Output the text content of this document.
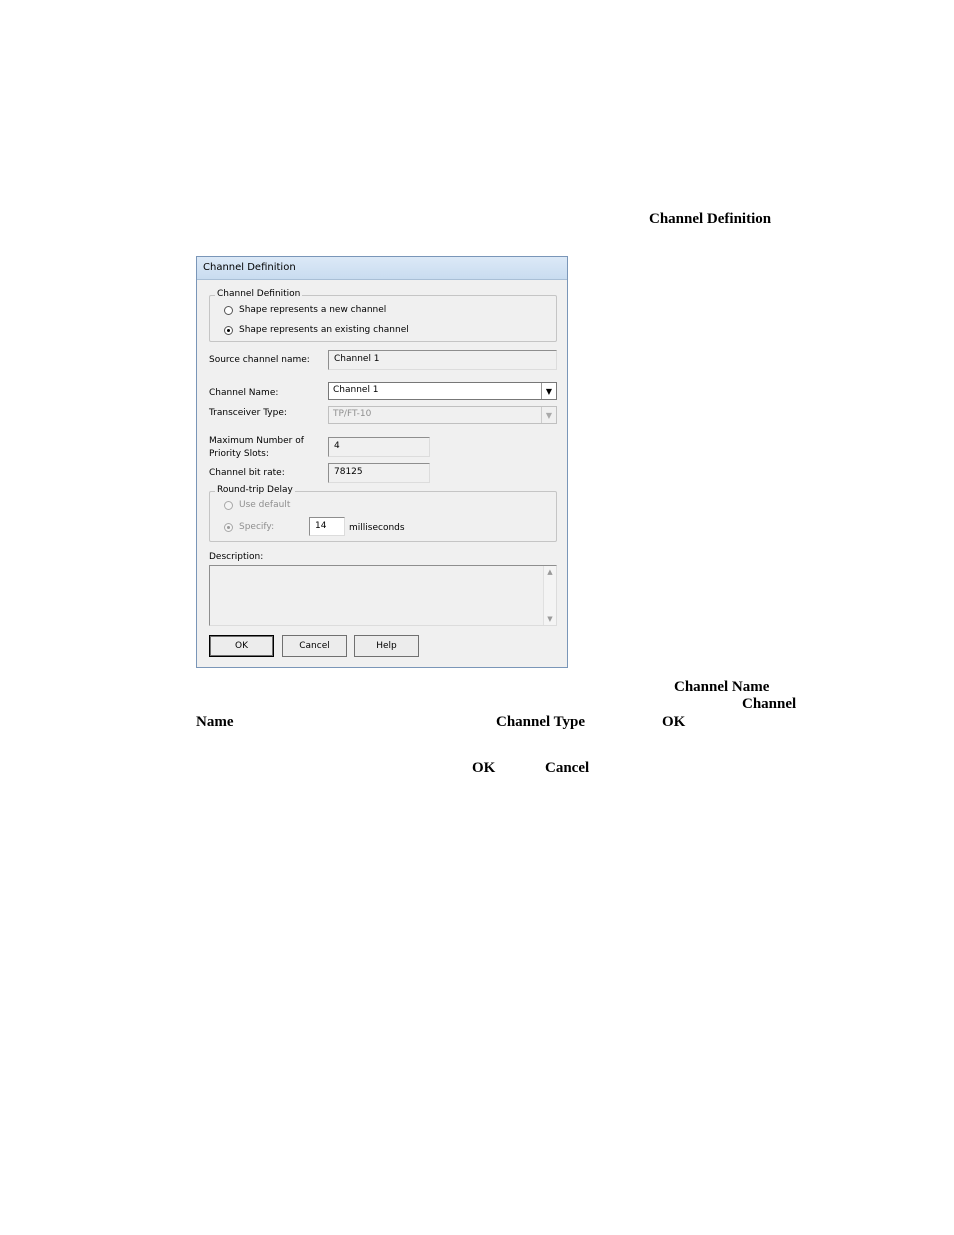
Channel Definition
Channel Definition
Channel Definition
Shape represents a new channel
Shape represents an existing channel
Source channel name:	Channel 1
Channel Name:	Channel 1	▼
Transceiver Type:	TP/FT-10	▼
Maximum Number of
Priority Slots:
4
Channel bit rate:	78125
Round-trip Delay
Use default
Specify:	14	milliseconds
Description:
▲
▼
OK	Cancel	Help
Channel Name
Channel
Name	Channel Type	OK
OK	Cancel
